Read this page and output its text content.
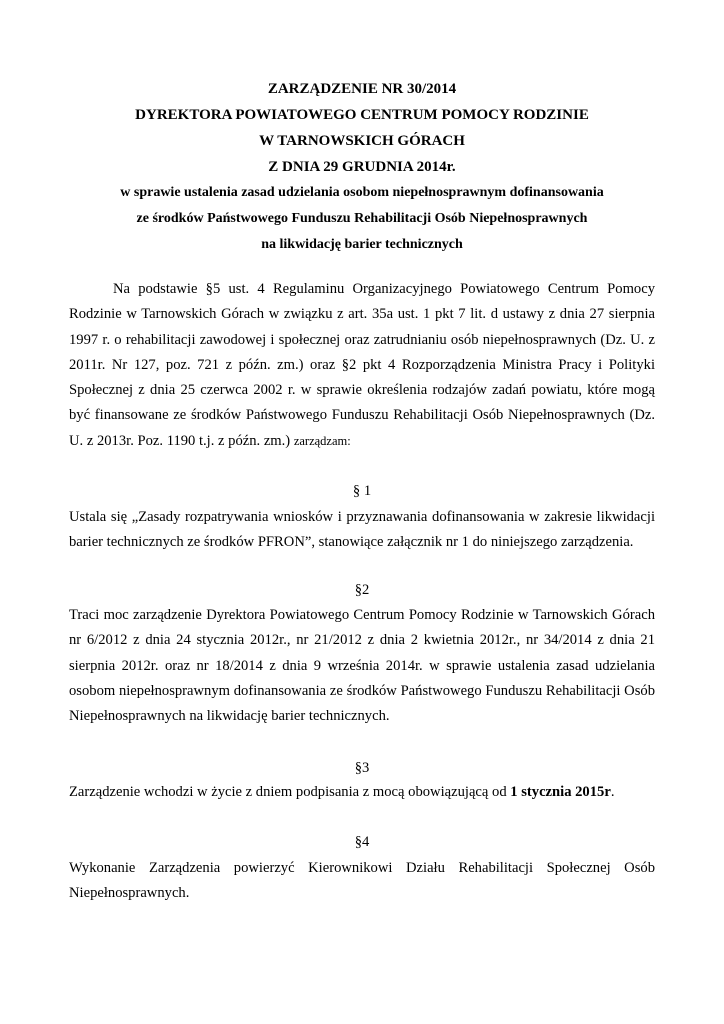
ZARZĄDZENIE NR 30/2014
DYREKTORA POWIATOWEGO CENTRUM POMOCY RODZINIE
W TARNOWSKICH GÓRACH
Z DNIA 29 GRUDNIA 2014r.
w sprawie ustalenia zasad udzielania osobom niepełnosprawnym dofinansowania
ze środków Państwowego Funduszu Rehabilitacji Osób Niepełnosprawnych
na likwidację barier technicznych
Na podstawie §5 ust. 4 Regulaminu Organizacyjnego Powiatowego Centrum Pomocy Rodzinie w Tarnowskich Górach w związku z art. 35a ust. 1 pkt 7 lit. d ustawy z dnia 27 sierpnia 1997 r. o rehabilitacji zawodowej i społecznej oraz zatrudnianiu osób niepełnosprawnych (Dz. U. z 2011r. Nr 127, poz. 721 z późn. zm.) oraz §2 pkt 4 Rozporządzenia Ministra Pracy i Polityki Społecznej z dnia 25 czerwca 2002 r. w sprawie określenia rodzajów zadań powiatu, które mogą być finansowane ze środków Państwowego Funduszu Rehabilitacji Osób Niepełnosprawnych (Dz. U. z 2013r. Poz. 1190 t.j. z późn. zm.) zarządzam:
§ 1
Ustala się „Zasady rozpatrywania wniosków i przyznawania dofinansowania w zakresie likwidacji barier technicznych ze środków PFRON”, stanowiące załącznik nr 1 do niniejszego zarządzenia.
§2
Traci moc zarządzenie Dyrektora Powiatowego Centrum Pomocy Rodzinie w Tarnowskich Górach nr 6/2012 z dnia 24 stycznia 2012r., nr 21/2012 z dnia 2 kwietnia 2012r., nr 34/2014 z dnia 21 sierpnia 2012r. oraz nr 18/2014 z dnia 9 września 2014r. w sprawie ustalenia zasad udzielania osobom niepełnosprawnym dofinansowania ze środków Państwowego Funduszu Rehabilitacji Osób Niepełnosprawnych na likwidację barier technicznych.
§3
Zarządzenie wchodzi w życie z dniem podpisania z mocą obowiązującą od 1 stycznia 2015r.
§4
Wykonanie Zarządzenia powierzyć Kierownikowi Działu Rehabilitacji Społecznej Osób Niepełnosprawnych.
